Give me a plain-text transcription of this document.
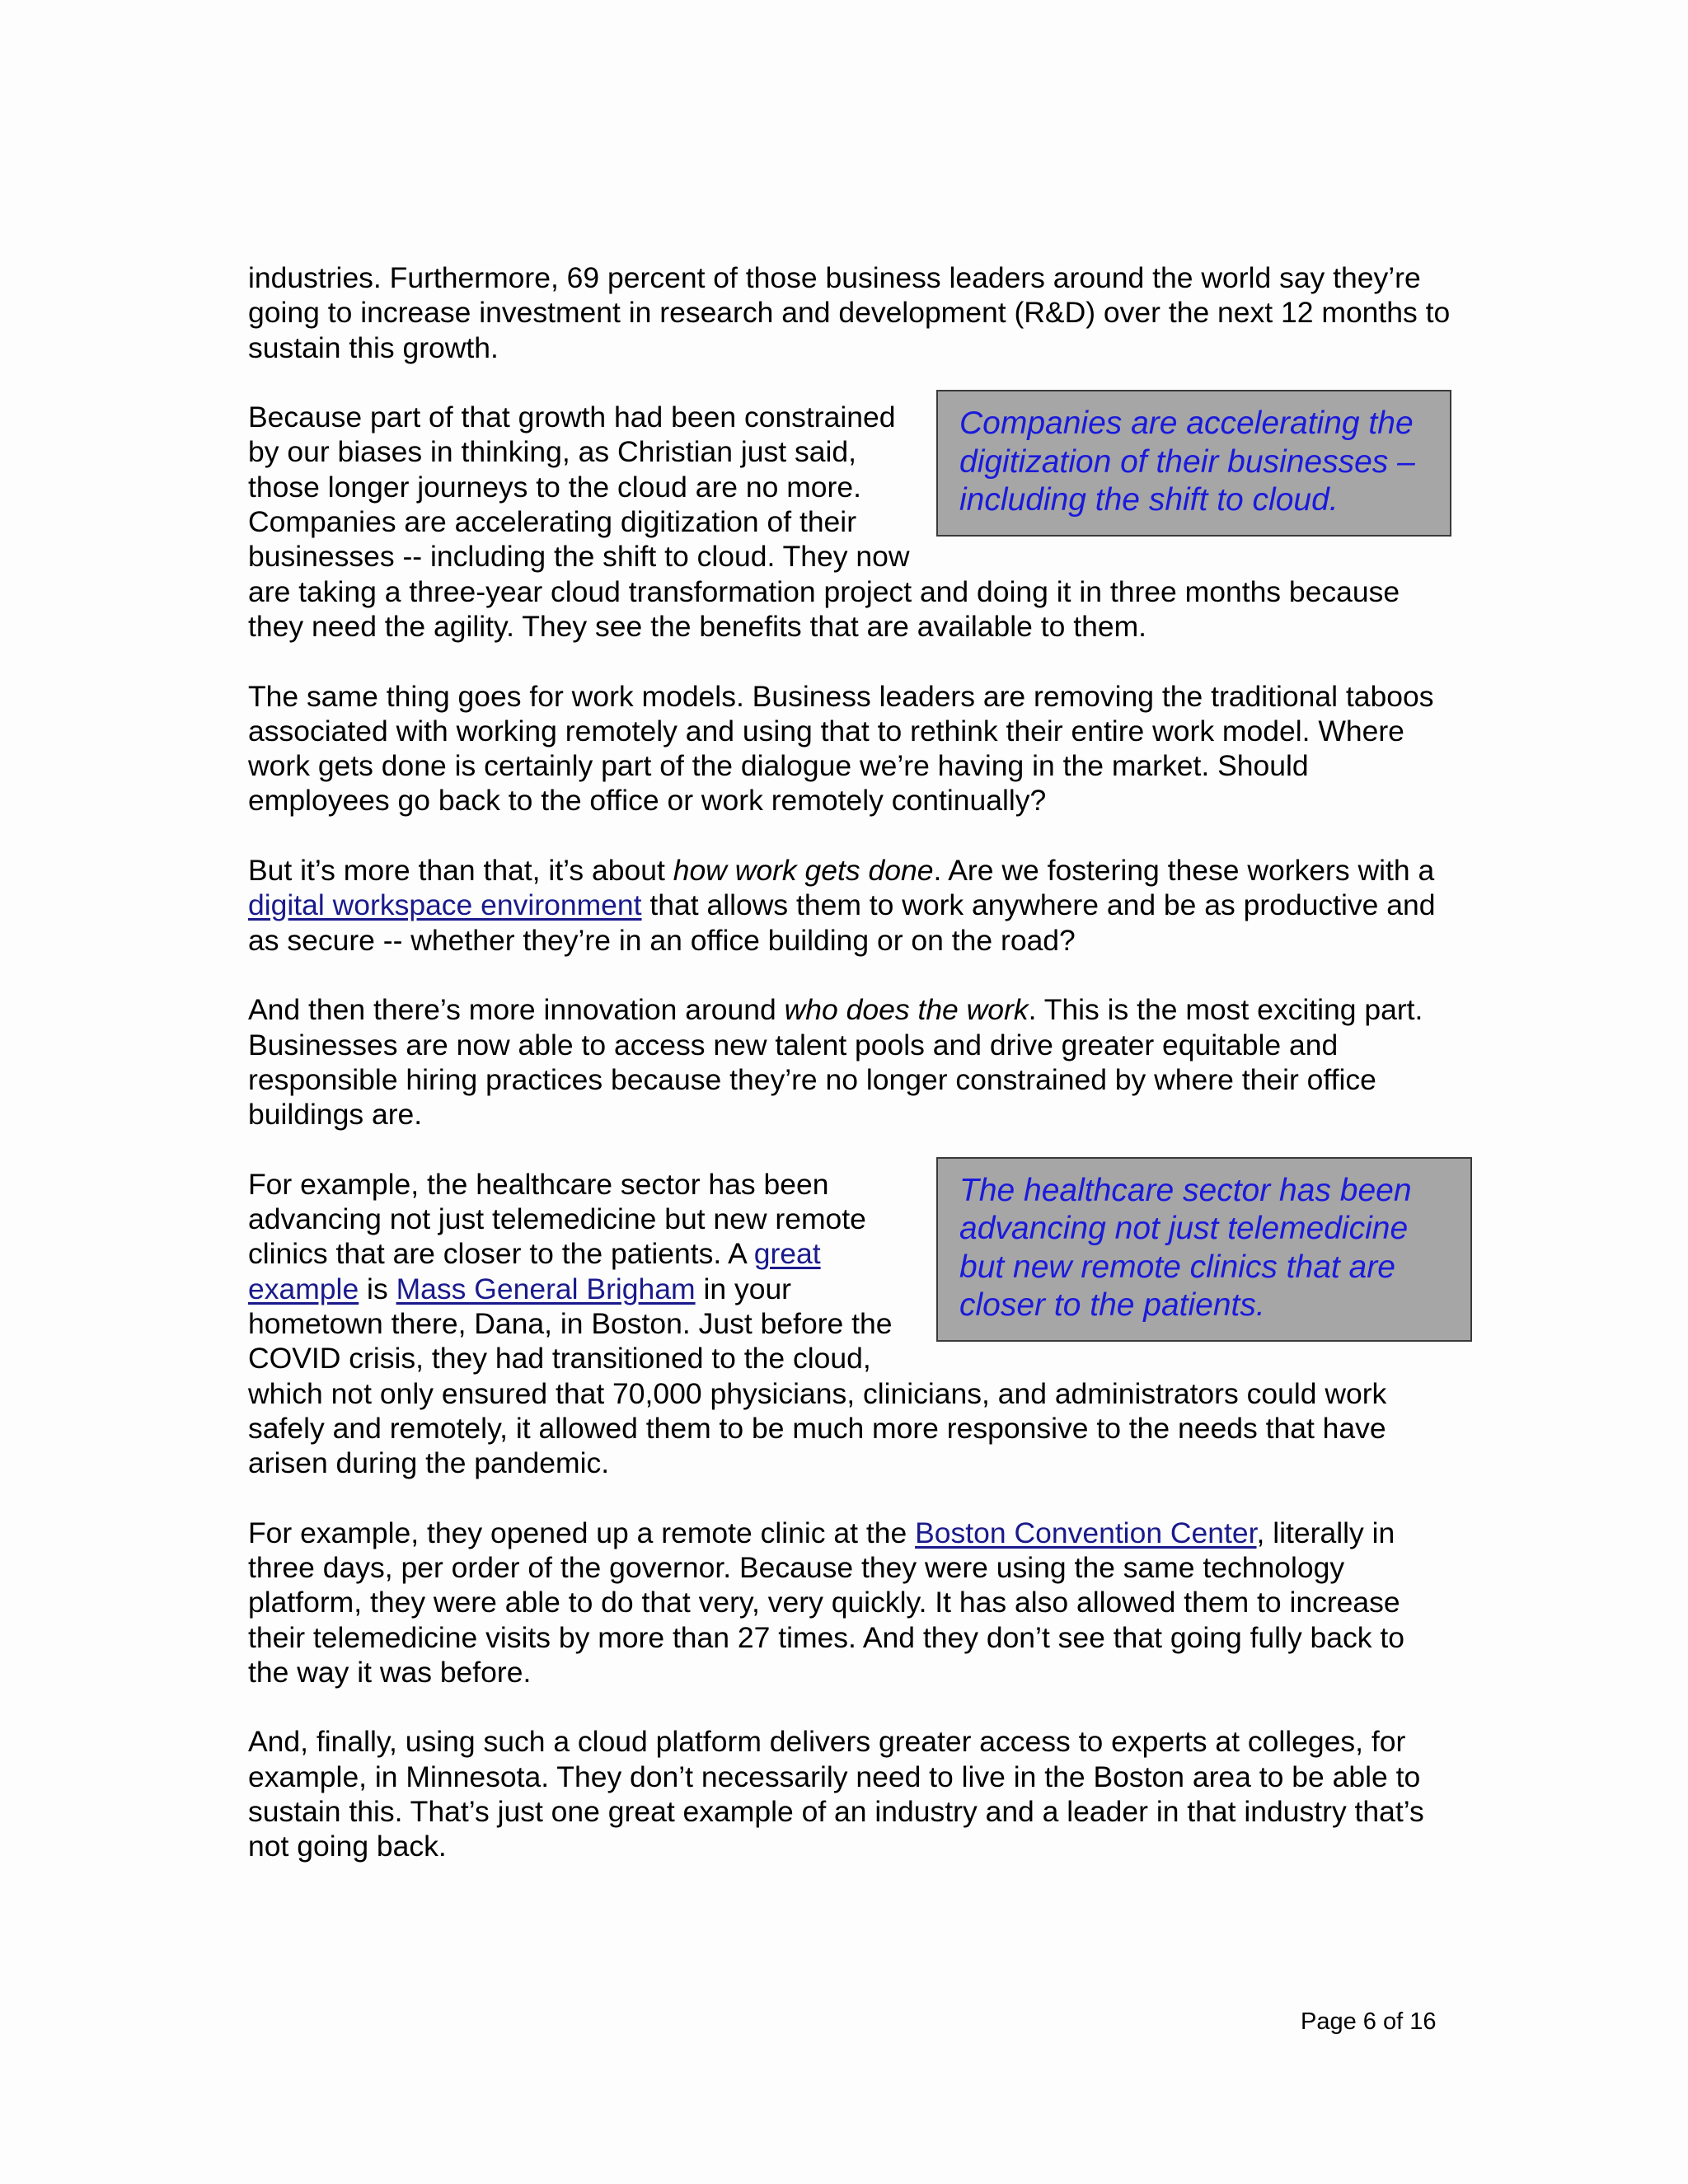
industries. Furthermore, 69 percent of those business leaders around the world say they’re going to increase investment in research and development (R&D) over the next 12 months to sustain this growth.

Companies are accelerating the digitization of their businesses – including the shift to cloud.
Because part of that growth had been constrained by our biases in thinking, as Christian just said, those longer journeys to the cloud are no more. Companies are accelerating digitization of their businesses -- including the shift to cloud. They now are taking a three-year cloud transformation project and doing it in three months because they need the agility. They see the benefits that are available to them.

The same thing goes for work models. Business leaders are removing the traditional taboos associated with working remotely and using that to rethink their entire work model. Where work gets done is certainly part of the dialogue we’re having in the market. Should employees go back to the office or work remotely continually?

But it’s more than that, it’s about how work gets done. Are we fostering these workers with a digital workspace environment that allows them to work anywhere and be as productive and as secure -- whether they’re in an office building or on the road?

And then there’s more innovation around who does the work. This is the most exciting part. Businesses are now able to access new talent pools and drive greater equitable and responsible hiring practices because they’re no longer constrained by where their office buildings are.

The healthcare sector has been advancing not just telemedicine but new remote clinics that are closer to the patients.
For example, the healthcare sector has been advancing not just telemedicine but new remote clinics that are closer to the patients. A great example is Mass General Brigham in your hometown there, Dana, in Boston. Just before the COVID crisis, they had transitioned to the cloud, which not only ensured that 70,000 physicians, clinicians, and administrators could work safely and remotely, it allowed them to be much more responsive to the needs that have arisen during the pandemic.

For example, they opened up a remote clinic at the Boston Convention Center, literally in three days, per order of the governor. Because they were using the same technology platform, they were able to do that very, very quickly. It has also allowed them to increase their telemedicine visits by more than 27 times. And they don’t see that going fully back to the way it was before.

And, finally, using such a cloud platform delivers greater access to experts at colleges, for example, in Minnesota. They don’t necessarily need to live in the Boston area to be able to sustain this. That’s just one great example of an industry and a leader in that industry that’s not going back.

Page 6 of 16
